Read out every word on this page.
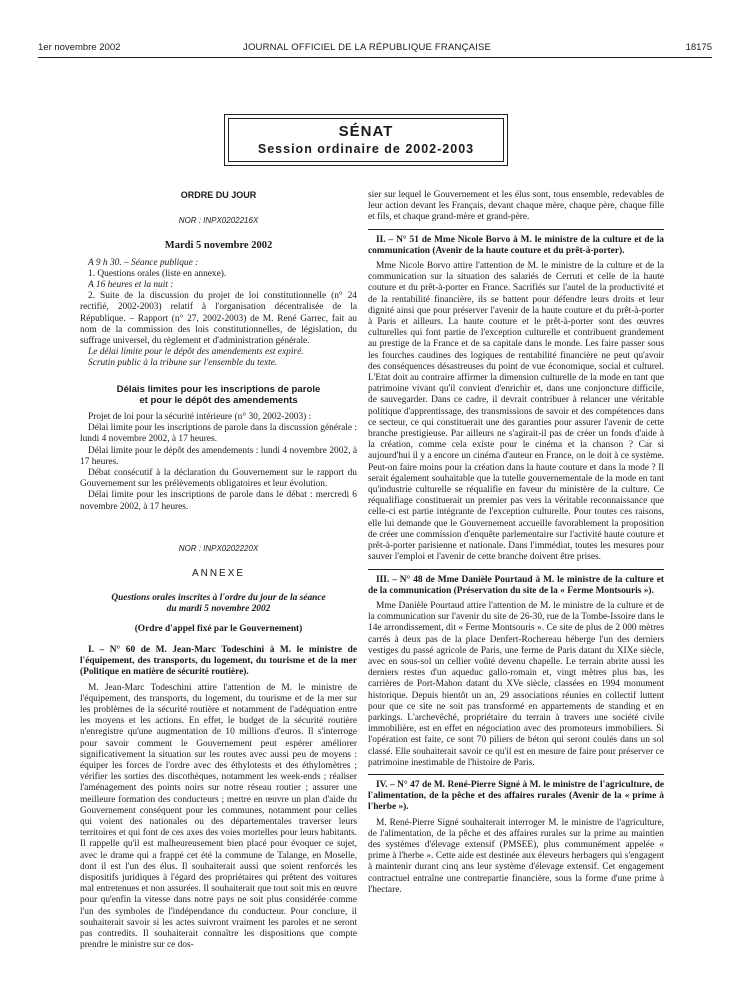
1er novembre 2002	JOURNAL OFFICIEL DE LA RÉPUBLIQUE FRANÇAISE	18175
SÉNAT
Session ordinaire de 2002-2003
ORDRE DU JOUR
NOR : INPX0202216X
Mardi 5 novembre 2002

A 9 h 30. – Séance publique :

1. Questions orales (liste en annexe).

A 16 heures et la nuit :

2. Suite de la discussion du projet de loi constitutionnelle (n° 24 rectifié, 2002-2003) relatif à l'organisation décentralisée de la République. – Rapport (n° 27, 2002-2003) de M. René Garrec, fait au nom de la commission des lois constitutionnelles, de législation, du suffrage universel, du règlement et d'administration générale.

Le délai limite pour le dépôt des amendements est expiré.

Scrutin public à la tribune sur l'ensemble du texte.

Délais limites pour les inscriptions de parole
et pour le dépôt des amendements

Projet de loi pour la sécurité intérieure (n° 30, 2002-2003) :

Délai limite pour les inscriptions de parole dans la discussion générale : lundi 4 novembre 2002, à 17 heures.

Délai limite pour le dépôt des amendements : lundi 4 novembre 2002, à 17 heures.

Débat consécutif à la déclaration du Gouvernement sur le rapport du Gouvernement sur les prélèvements obligatoires et leur évolution.

Délai limite pour les inscriptions de parole dans le débat : mercredi 6 novembre 2002, à 17 heures.

NOR : INPX0202220X
ANNEXE
Questions orales inscrites à l'ordre du jour de la séance
du mardi 5 novembre 2002
(Ordre d'appel fixé par le Gouvernement)

I. – N° 60 de M. Jean-Marc Todeschini à M. le ministre de l'équipement, des transports, du logement, du tourisme et de la mer (Politique en matière de sécurité routière).

M. Jean-Marc Todeschini attire l'attention de M. le ministre de l'équipement, des transports, du logement, du tourisme et de la mer sur les problèmes de la sécurité routière et notamment de l'adéquation entre les moyens et les actions. En effet, le budget de la sécurité routière n'enregistre qu'une augmentation de 10 millions d'euros. Il s'interroge pour savoir comment le Gouvernement peut espérer améliorer significativement la situation sur les routes avec aussi peu de moyens : équiper les forces de l'ordre avec des éthylotests et des éthylomètres ; vérifier les sorties des discothèques, notamment les week-ends ; réaliser l'aménagement des points noirs sur notre réseau routier ; assurer une meilleure formation des conducteurs ; mettre en œuvre un plan d'aide du Gouvernement conséquent pour les communes, notamment pour celles qui voient des nationales ou des départementales traverser leurs territoires et qui font de ces axes des voies mortelles pour leurs habitants. Il rappelle qu'il est malheureusement bien placé pour évoquer ce sujet, avec le drame qui a frappé cet été la commune de Talange, en Moselle, dont il est l'un des élus. Il souhaiterait aussi que soient renforcés les dispositifs juridiques à l'égard des propriétaires qui prêtent des voitures mal entretenues et non assurées. Il souhaiterait que tout soit mis en œuvre pour qu'enfin la vitesse dans notre pays ne soit plus considérée comme l'un des symboles de l'indépendance du conducteur. Pour conclure, il souhaiterait savoir si les actes suivront vraiment les paroles et ne seront pas contredits. Il souhaiterait connaître les dispositions que compte prendre le ministre sur ce dos-

sier sur lequel le Gouvernement et les élus sont, tous ensemble, redevables de leur action devant les Français, devant chaque mère, chaque père, chaque fille et fils, et chaque grand-mère et grand-père.

II. – N° 51 de Mme Nicole Borvo à M. le ministre de la culture et de la communication (Avenir de la haute couture et du prêt-à-porter).

Mme Nicole Borvo attire l'attention de M. le ministre de la culture et de la communication sur la situation des salariés de Cerruti et celle de la haute couture et du prêt-à-porter en France. Sacrifiés sur l'autel de la productivité et de la rentabilité financière, ils se battent pour défendre leurs droits et leur dignité ainsi que pour préserver l'avenir de la haute couture et du prêt-à-porter à Paris et ailleurs. La haute couture et le prêt-à-porter sont des œuvres culturelles qui font partie de l'exception culturelle et contribuent grandement au prestige de la France et de sa capitale dans le monde. Les faire passer sous les fourches caudines des logiques de rentabilité financière ne peut qu'avoir des conséquences désastreuses du point de vue économique, social et culturel. L'Etat doit au contraire affirmer la dimension culturelle de la mode en tant que patrimoine vivant qu'il convient d'enrichir et, dans une conjoncture difficile, de sauvegarder. Dans ce cadre, il devrait contribuer à relancer une véritable politique d'apprentissage, des transmissions de savoir et des compétences dans ce secteur, ce qui constituerait une des garanties pour assurer l'avenir de cette branche prestigieuse. Par ailleurs ne s'agirait-il pas de créer un fonds d'aide à la création, comme cela existe pour le cinéma et la chanson ? Car si aujourd'hui il y a encore un cinéma d'auteur en France, on le doit à ce système. Peut-on faire moins pour la création dans la haute couture et dans la mode ? Il serait également souhaitable que la tutelle gouvernementale de la mode en tant qu'industrie culturelle se réqualifie en faveur du ministère de la culture. Ce réqualifiage constituerait un premier pas vers la véritable reconnaissance que celle-ci est partie intégrante de l'exception culturelle. Pour toutes ces raisons, elle lui demande que le Gouvernement accueille favorablement la proposition de créer une commission d'enquête parlementaire sur l'activité haute couture et prêt-à-porter parisienne et nationale. Dans l'immédiat, toutes les mesures pour sauver l'emploi et l'avenir de cette branche doivent être prises.

III. – N° 48 de Mme Danièle Pourtaud à M. le ministre de la culture et de la communication (Préservation du site de la « Ferme Montsouris »).

Mme Danièle Pourtaud attire l'attention de M. le ministre de la culture et de la communication sur l'avenir du site de 26-30, rue de la Tombe-Issoire dans le 14e arrondissement, dit « Ferme Montsouris ». Ce site de plus de 2 000 mètres carrés à deux pas de la place Denfert-Rochereau héberge l'un des derniers vestiges du passé agricole de Paris, une ferme de Paris datant du XIXe siècle, avec en sous-sol un cellier voûté devenu chapelle. Le terrain abrite aussi les derniers restes d'un aqueduc gallo-romain et, vingt mètres plus bas, les carrières de Port-Mahon datant du XVe siècle, classées en 1994 monument historique. Depuis bientôt un an, 29 associations réunies en collectif luttent pour que ce site ne soit pas transformé en appartements de standing et en parkings. L'archevêché, propriétaire du terrain à travers une société civile immobilière, est en effet en négociation avec des promoteurs immobiliers. Si l'opération est faite, ce sont 70 piliers de béton qui seront coulés dans un sol classé. Elle souhaiterait savoir ce qu'il est en mesure de faire pour préserver ce patrimoine inestimable de l'histoire de Paris.

IV. – N° 47 de M. René-Pierre Signé à M. le ministre de l'agriculture, de l'alimentation, de la pêche et des affaires rurales (Avenir de la « prime à l'herbe »).

M. René-Pierre Signé souhaiterait interroger M. le ministre de l'agriculture, de l'alimentation, de la pêche et des affaires rurales sur la prime au maintien des systèmes d'élevage extensif (PMSEE), plus communément appelée « prime à l'herbe ». Cette aide est destinée aux éleveurs herbagers qui s'engagent à maintenir durant cinq ans leur système d'élevage extensif. Cet engagement contractuel entraîne une contrepartie financière, sous la forme d'une prime à l'hectare.
